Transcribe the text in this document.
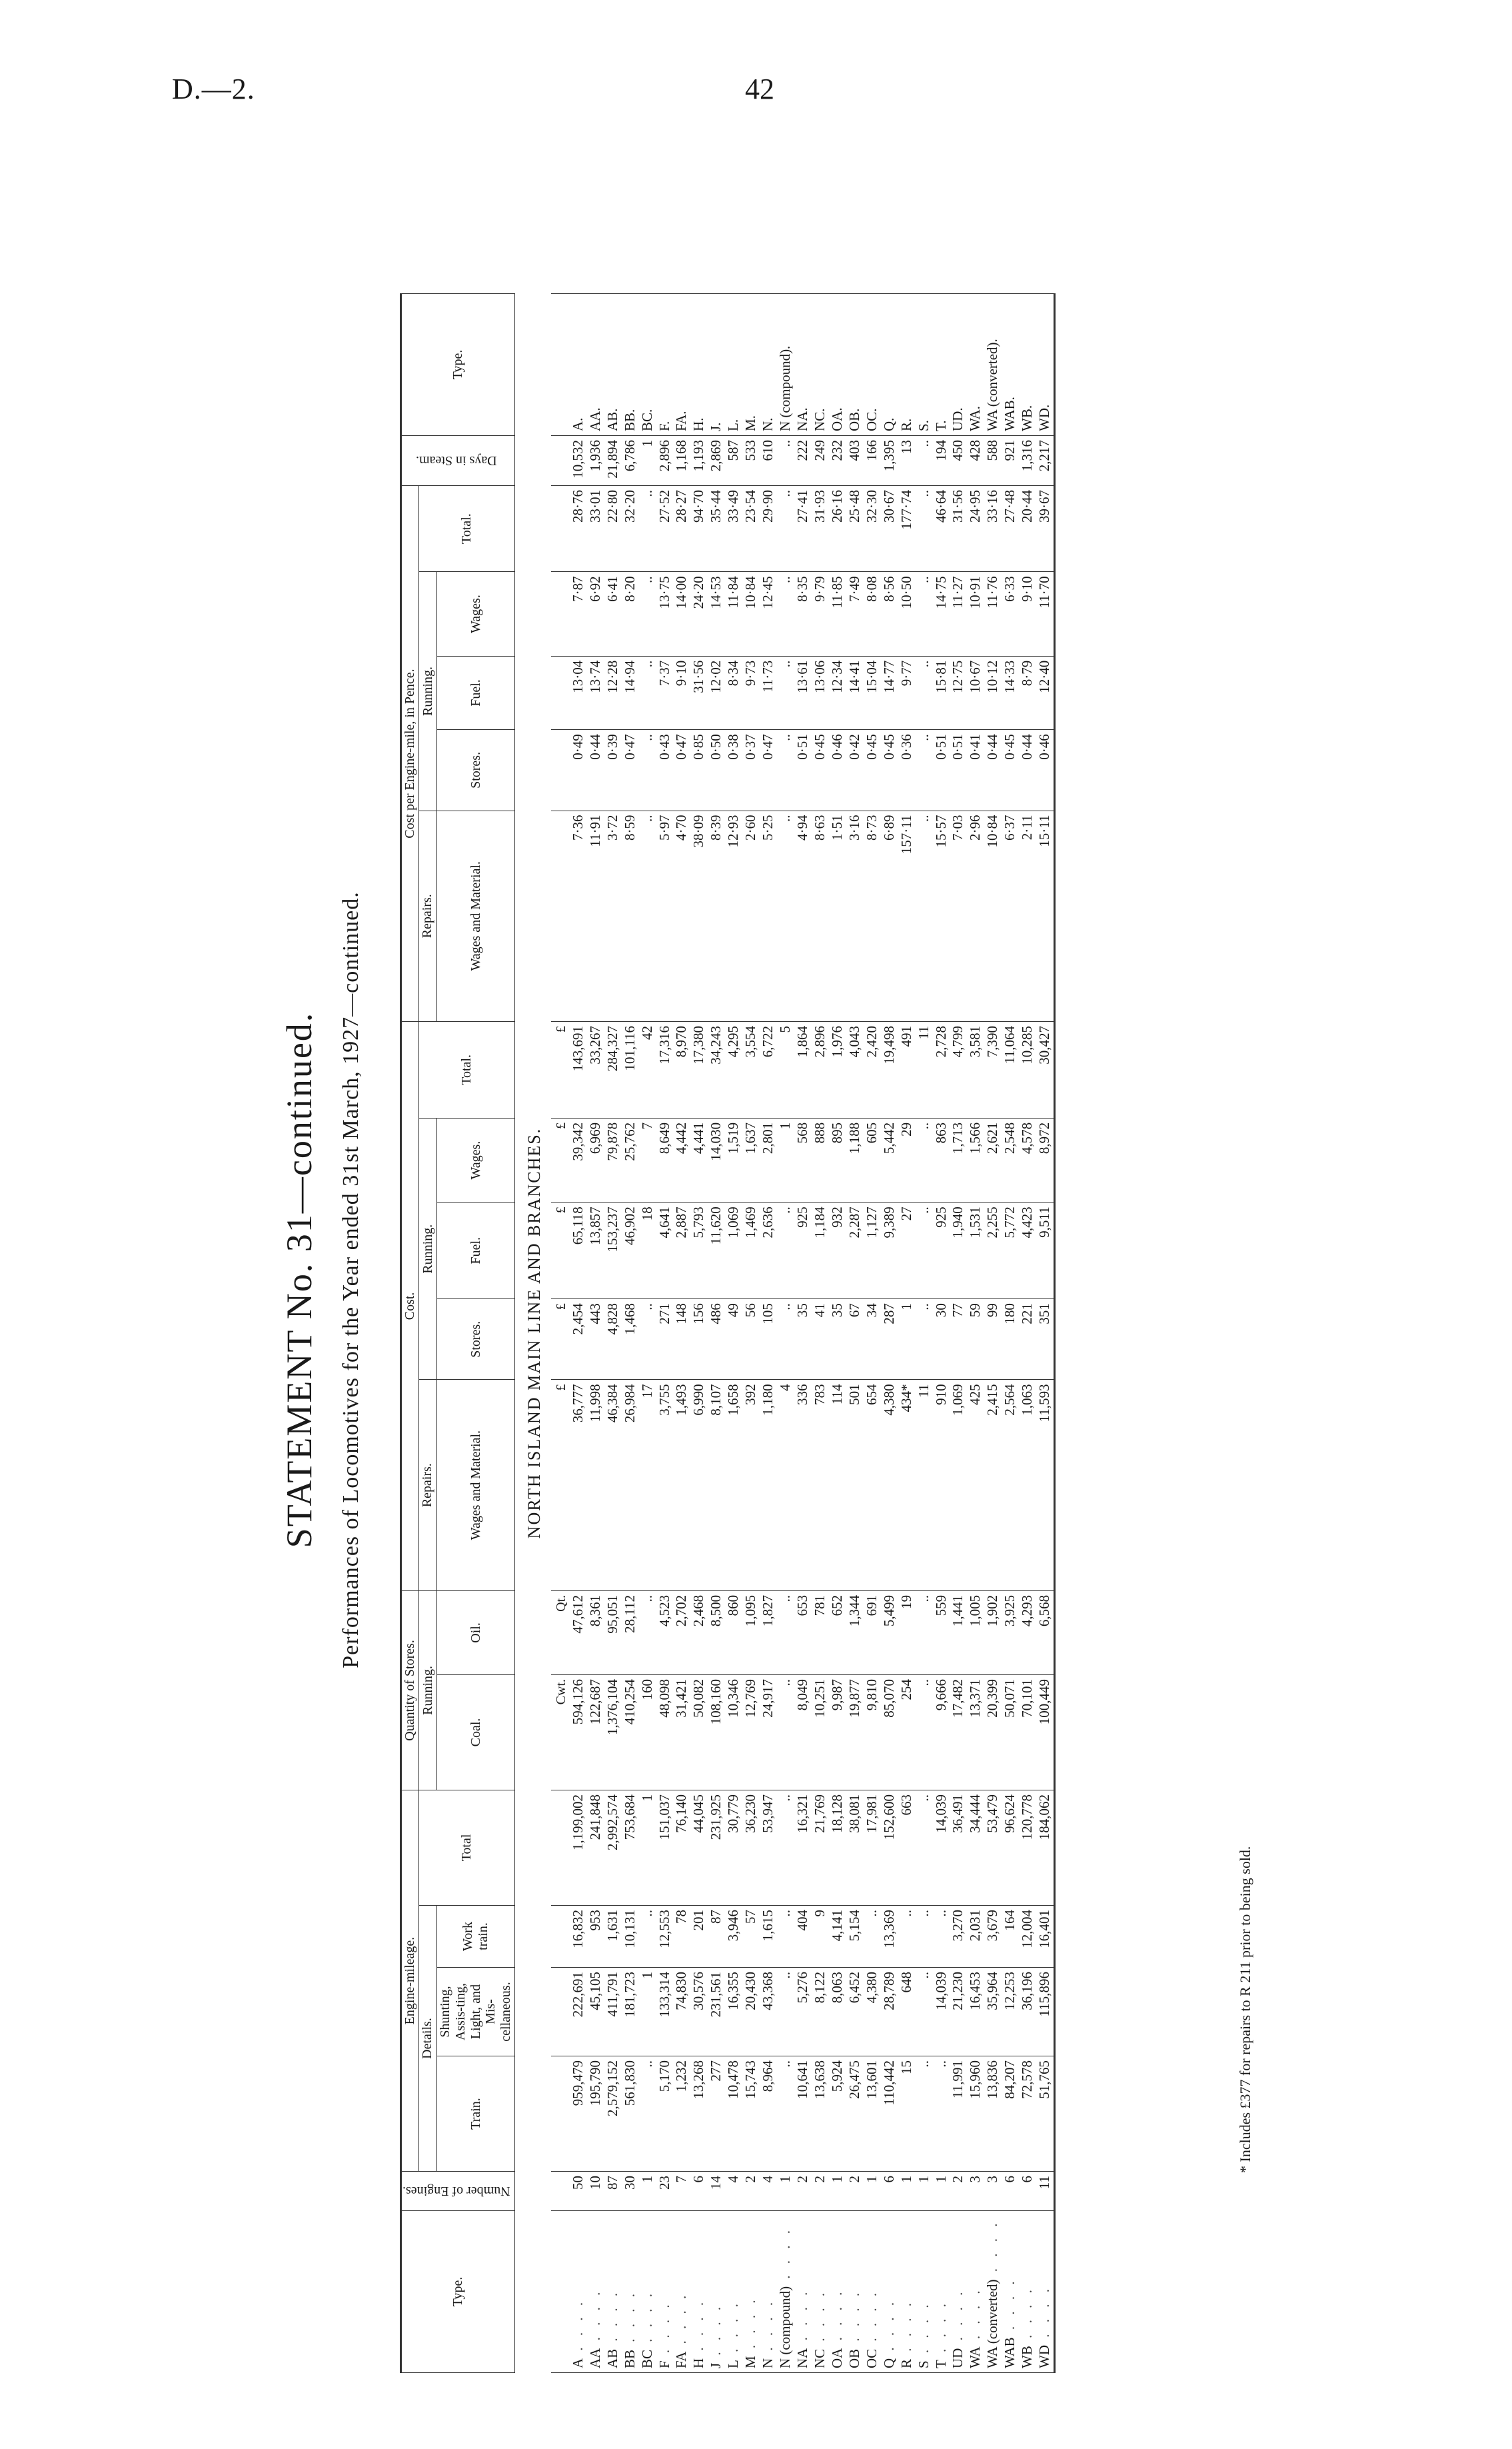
D.—2.	42
STATEMENT No. 31—continued. Performances of Locomotives for the Year ended 31st March, 1927—continued.
Type.	Number of Engines.	Engine-mileage.				Quantity of Stores.		Cost.					Cost per Engine-mile, in Pence.					Days in Steam.	Type.
		Details.			Total	Running.		Repairs.	Running.			Total.	Repairs.	Running.			Total.		
		Train.	Shunting, Assis-ting, Light, and Mis-cellaneous.	Work train.				Wages and Material.					Wages and Material.						
						Coal.	Oil.		Stores.	Fuel.	Wages.			Stores.	Fuel.	Wages.			
NORTH ISLAND MAIN LINE AND BRANCHES.																			
						Cwt.	Qt.	£	£	£	£	£							
A . . . .	50	959,479	222,691	16,832	1,199,002	594,126	47,612	36,777	2,454	65,118	39,342	143,691	7·36	0·49	13·04	7·87	28·76	10,532	A.
AA . . . .	10	195,790	45,105	953	241,848	122,687	8,361	11,998	443	13,857	6,969	33,267	11·91	0·44	13·74	6·92	33·01	1,936	AA.
AB . . . .	87	2,579,152	411,791	1,631	2,992,574	1,376,104	95,051	46,384	4,828	153,237	79,878	284,327	3·72	0·39	12·28	6·41	22·80	21,894	AB.
BB . . . .	30	561,830	181,723	10,131	753,684	410,254	28,112	26,984	1,468	46,902	25,762	101,116	8·59	0·47	14·94	8·20	32·20	6,786	BB.
BC . . . .	1	..	1	..	1	160	..	17	..	18	7	42	..	..	..	..	..	1	BC.
F . . . .	23	5,170	133,314	12,553	151,037	48,098	4,523	3,755	271	4,641	8,649	17,316	5·97	0·43	7·37	13·75	27·52	2,896	F.
FA . . . .	7	1,232	74,830	78	76,140	31,421	2,702	1,493	148	2,887	4,442	8,970	4·70	0·47	9·10	14·00	28·27	1,168	FA.
H . . . .	6	13,268	30,576	201	44,045	50,082	2,468	6,990	156	5,793	4,441	17,380	38·09	0·85	31·56	24·20	94·70	1,193	H.
J . . . .	14	277	231,561	87	231,925	108,160	8,500	8,107	486	11,620	14,030	34,243	8·39	0·50	12·02	14·53	35·44	2,869	J.
L . . . .	4	10,478	16,355	3,946	30,779	10,346	860	1,658	49	1,069	1,519	4,295	12·93	0·38	8·34	11·84	33·49	587	L.
M . . . .	2	15,743	20,430	57	36,230	12,769	1,095	392	56	1,469	1,637	3,554	2·60	0·37	9·73	10·84	23·54	533	M.
N . . . .	4	8,964	43,368	1,615	53,947	24,917	1,827	1,180	105	2,636	2,801	6,722	5·25	0·47	11·73	12·45	29·90	610	N.
N (compound) . . . .	1	..	..	..	..	..	..	4	..	..	1	5	..	..	..	..	..	..	N (compound).
NA . . . .	2	10,641	5,276	404	16,321	8,049	653	336	35	925	568	1,864	4·94	0·51	13·61	8·35	27·41	222	NA.
NC . . . .	2	13,638	8,122	9	21,769	10,251	781	783	41	1,184	888	2,896	8·63	0·45	13·06	9·79	31·93	249	NC.
OA . . . .	1	5,924	8,063	4,141	18,128	9,987	652	114	35	932	895	1,976	1·51	0·46	12·34	11·85	26·16	232	OA.
OB . . . .	2	26,475	6,452	5,154	38,081	19,877	1,344	501	67	2,287	1,188	4,043	3·16	0·42	14·41	7·49	25·48	403	OB.
OC . . . .	1	13,601	4,380	..	17,981	9,810	691	654	34	1,127	605	2,420	8·73	0·45	15·04	8·08	32·30	166	OC.
Q . . . .	6	110,442	28,789	13,369	152,600	85,070	5,499	4,380	287	9,389	5,442	19,498	6·89	0·45	14·77	8·56	30·67	1,395	Q.
R . . . .	1	15	648	..	663	254	19	434*	1	27	29	491	157·11	0·36	9·77	10·50	177·74	13	R.
S . . . .	1	..	..	..	..	..	..	11	..	..	..	11	..	..	..	..	..	..	S.
T . . . .	1	..	14,039	..	14,039	9,666	559	910	30	925	863	2,728	15·57	0·51	15·81	14·75	46·64	194	T.
UD . . . .	2	11,991	21,230	3,270	36,491	17,482	1,441	1,069	77	1,940	1,713	4,799	7·03	0·51	12·75	11·27	31·56	450	UD.
WA . . . .	3	15,960	16,453	2,031	34,444	13,371	1,005	425	59	1,531	1,566	3,581	2·96	0·41	10·67	10·91	24·95	428	WA.
WA (converted) . . . .	3	13,836	35,964	3,679	53,479	20,399	1,902	2,415	99	2,255	2,621	7,390	10·84	0·44	10·12	11·76	33·16	588	WA (converted).
WAB . . . .	6	84,207	12,253	164	96,624	50,071	3,925	2,564	180	5,772	2,548	11,064	6·37	0·45	14·33	6·33	27·48	921	WAB.
WB . . . .	6	72,578	36,196	12,004	120,778	70,101	4,293	1,063	221	4,423	4,578	10,285	2·11	0·44	8·79	9·10	20·44	1,316	WB.
WD . . . .	11	51,765	115,896	16,401	184,062	100,449	6,568	11,593	351	9,511	8,972	30,427	15·11	0·46	12·40	11·70	39·67	2,217	WD.
* Includes £377 for repairs to R 211 prior to being sold.
